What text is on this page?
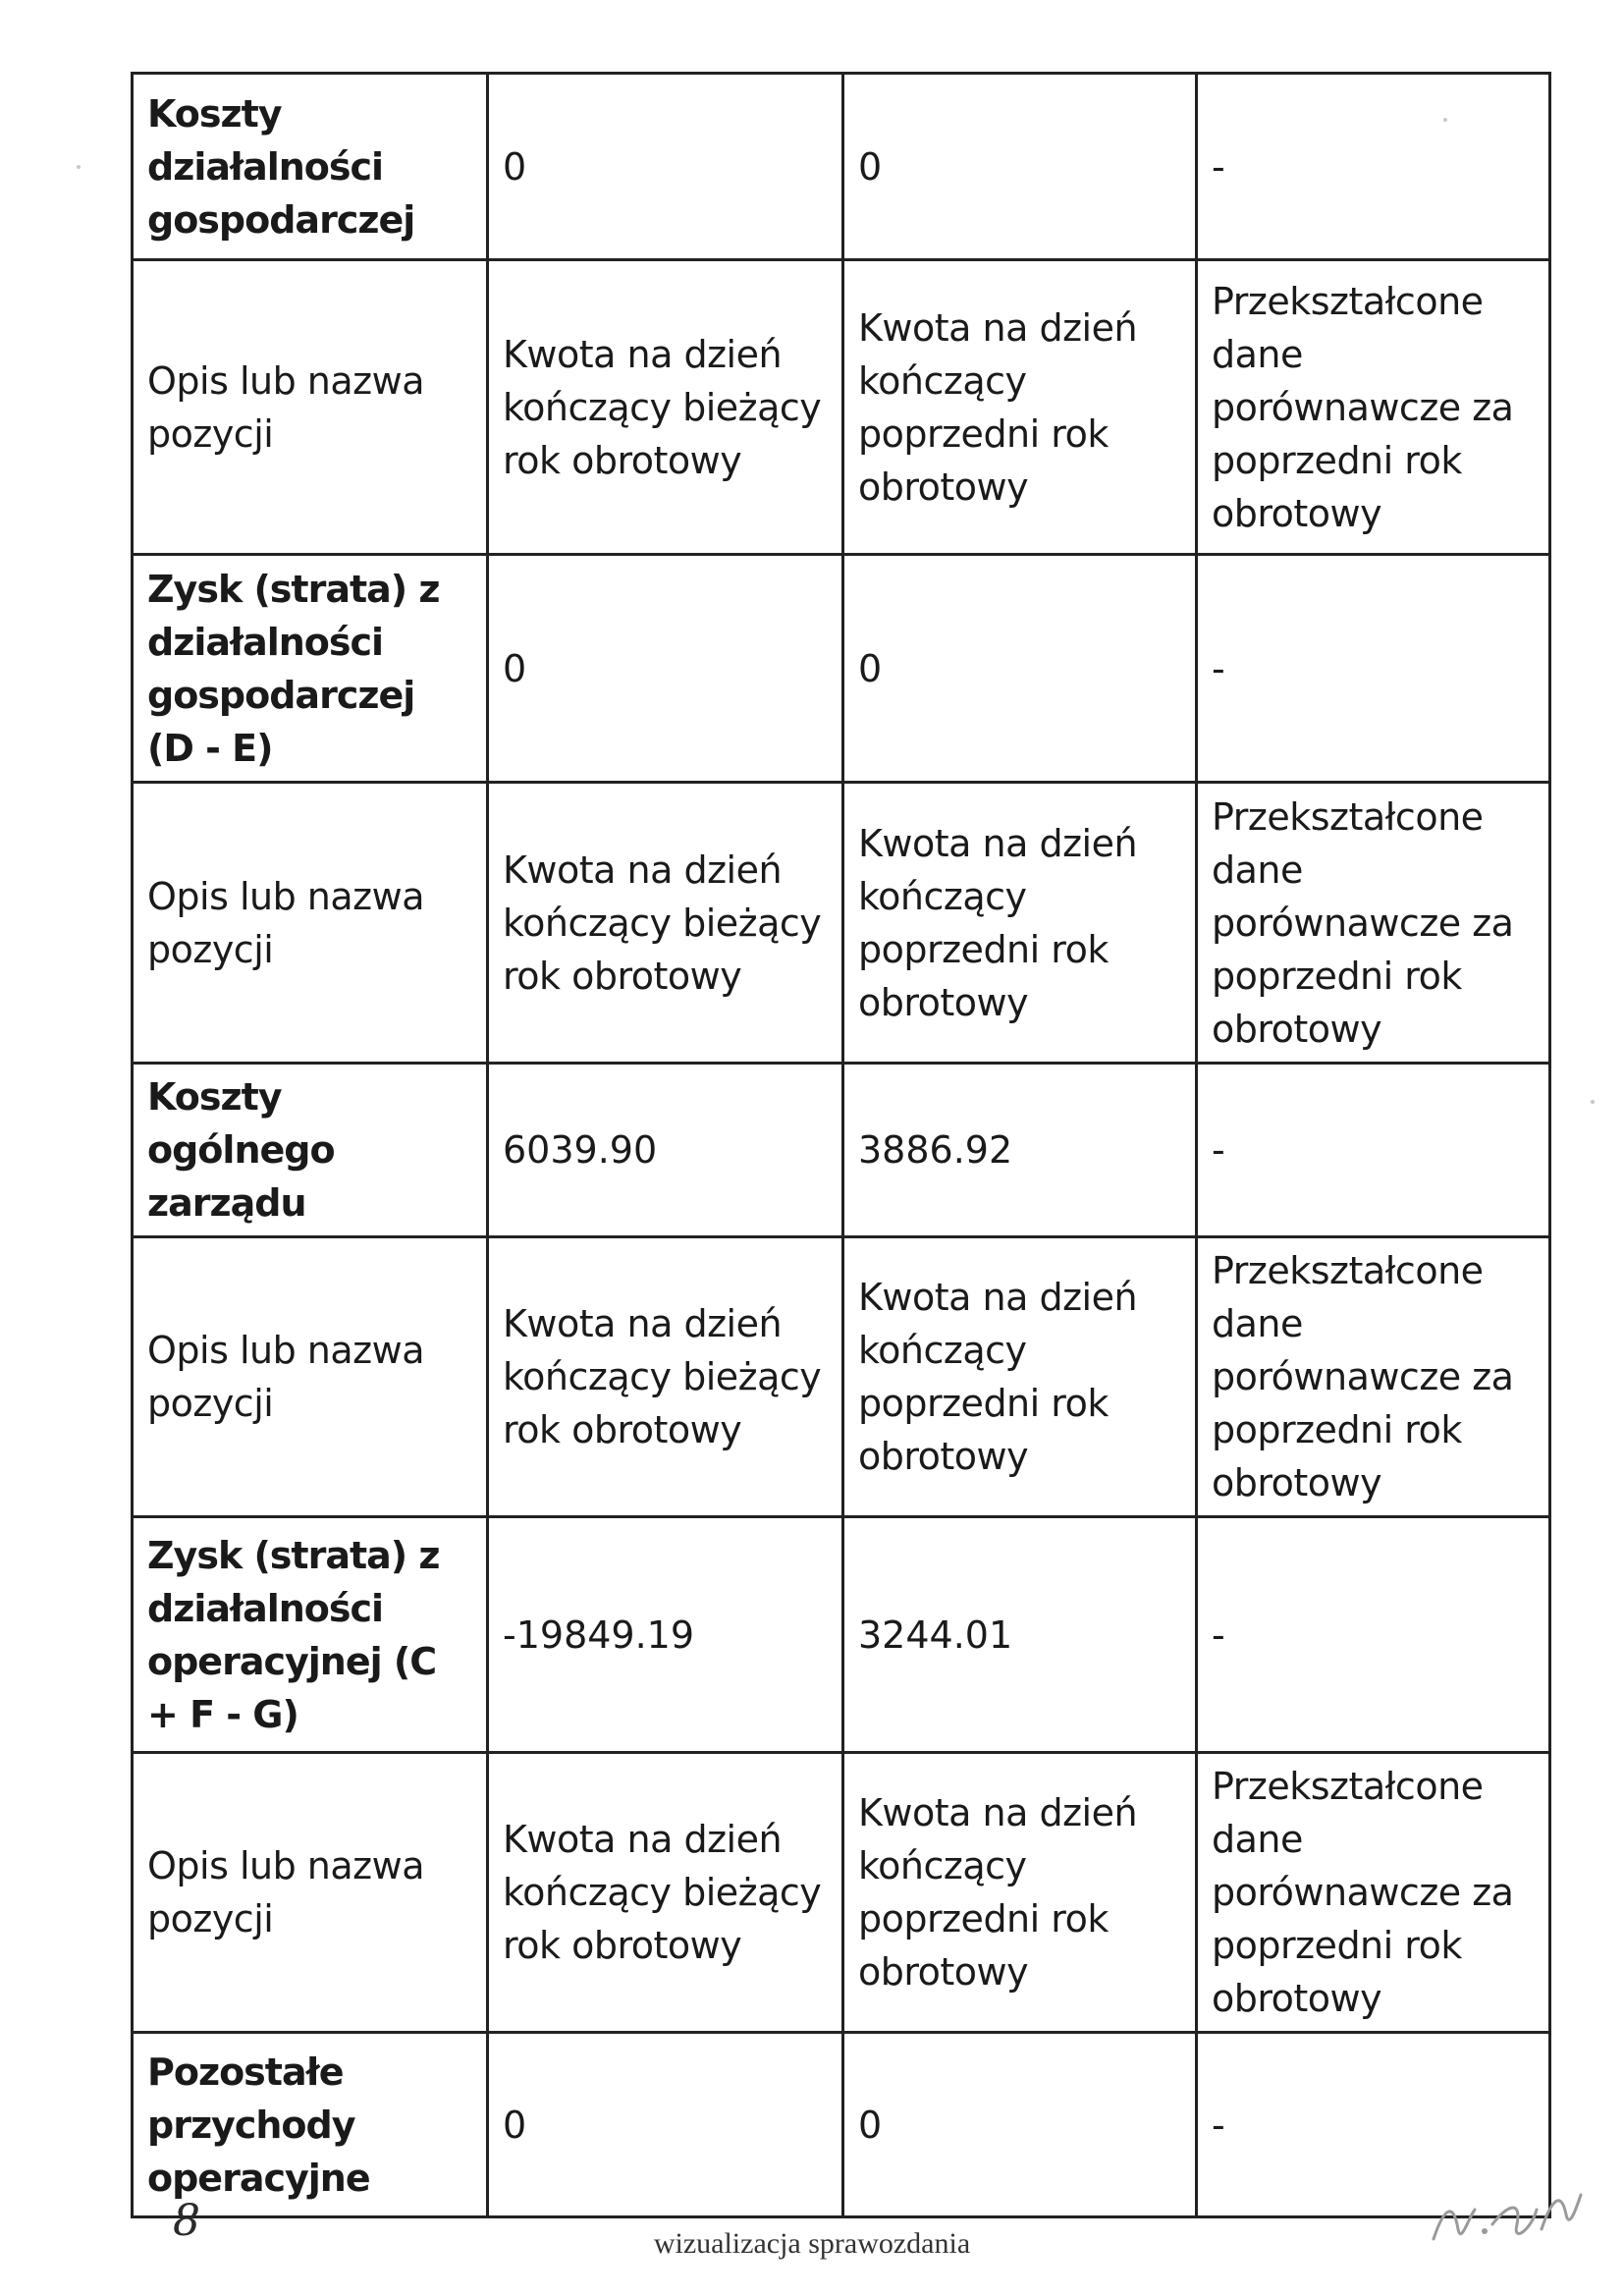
Koszty działalności gospodarczej	0	0	-
Opis lub nazwa pozycji	Kwota na dzień kończący bieżący rok obrotowy	Kwota na dzień kończący poprzedni rok obrotowy	Przekształcone dane porównawcze za poprzedni rok obrotowy
Zysk (strata) z działalności gospodarczej (D - E)	0	0	-
Opis lub nazwa pozycji	Kwota na dzień kończący bieżący rok obrotowy	Kwota na dzień kończący poprzedni rok obrotowy	Przekształcone dane porównawcze za poprzedni rok obrotowy
Koszty ogólnego zarządu	6039.90	3886.92	-
Opis lub nazwa pozycji	Kwota na dzień kończący bieżący rok obrotowy	Kwota na dzień kończący poprzedni rok obrotowy	Przekształcone dane porównawcze za poprzedni rok obrotowy
Zysk (strata) z działalności operacyjnej (C + F - G)	-19849.19	3244.01	-
Opis lub nazwa pozycji	Kwota na dzień kończący bieżący rok obrotowy	Kwota na dzień kończący poprzedni rok obrotowy	Przekształcone dane porównawcze za poprzedni rok obrotowy
Pozostałe przychody operacyjne	0	0	-
8	wizualizacja sprawozdania
